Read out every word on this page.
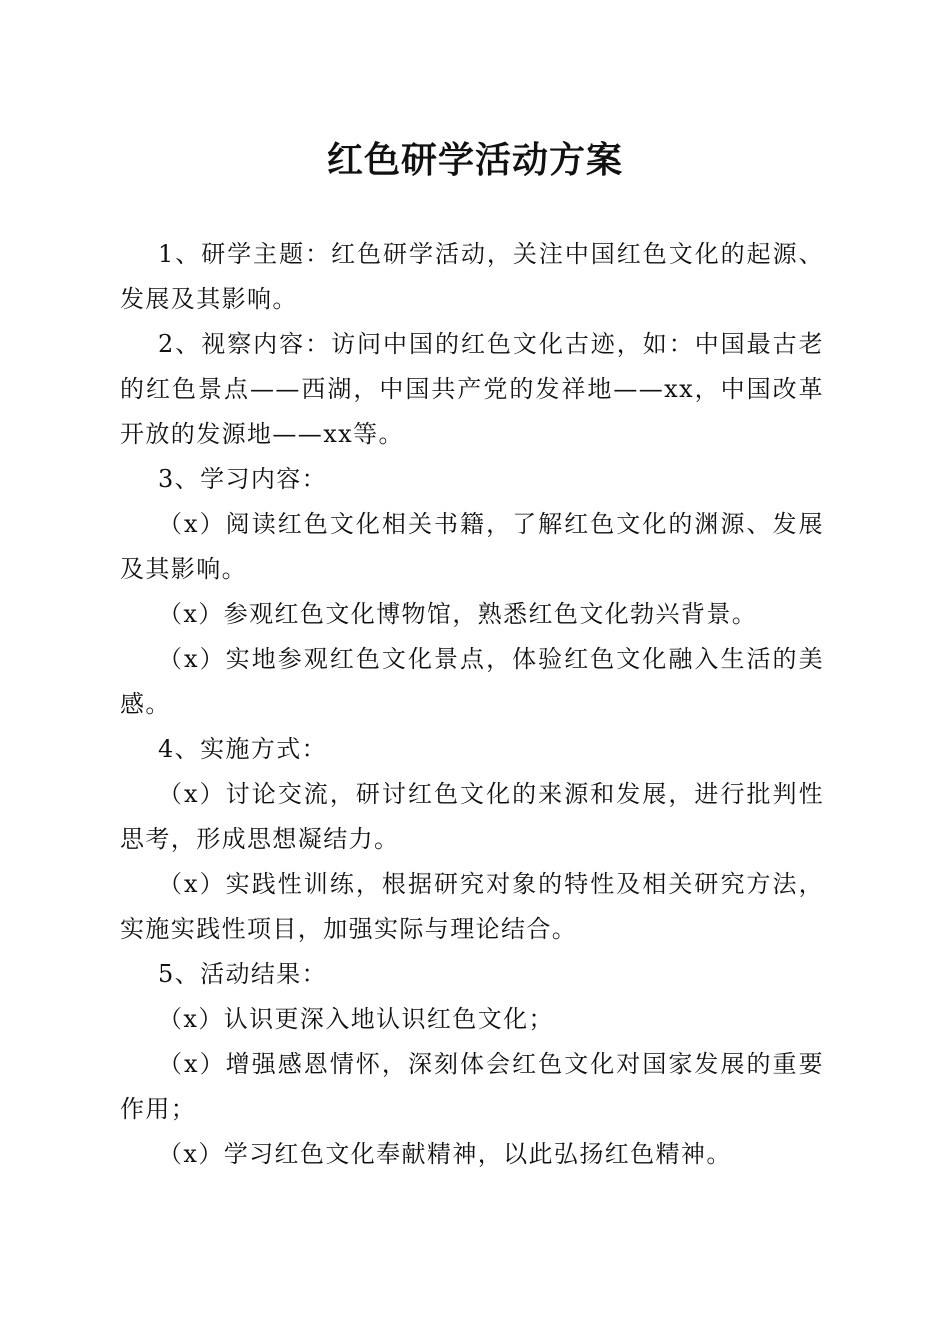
红色研学活动方案

1、研学主题：红色研学活动，关注中国红色文化的起源、发展及其影响。

2、视察内容：访问中国的红色文化古迹，如：中国最古老的红色景点——西湖，中国共产党的发祥地——xx，中国改革开放的发源地——xx等。

3、学习内容：

（x）阅读红色文化相关书籍，了解红色文化的渊源、发展及其影响。

（x）参观红色文化博物馆，熟悉红色文化勃兴背景。

（x）实地参观红色文化景点，体验红色文化融入生活的美感。

4、实施方式：

（x）讨论交流，研讨红色文化的来源和发展，进行批判性思考，形成思想凝结力。

（x）实践性训练，根据研究对象的特性及相关研究方法，实施实践性项目，加强实际与理论结合。

5、活动结果：

（x）认识更深入地认识红色文化；

（x）增强感恩情怀，深刻体会红色文化对国家发展的重要作用；

（x）学习红色文化奉献精神，以此弘扬红色精神。
